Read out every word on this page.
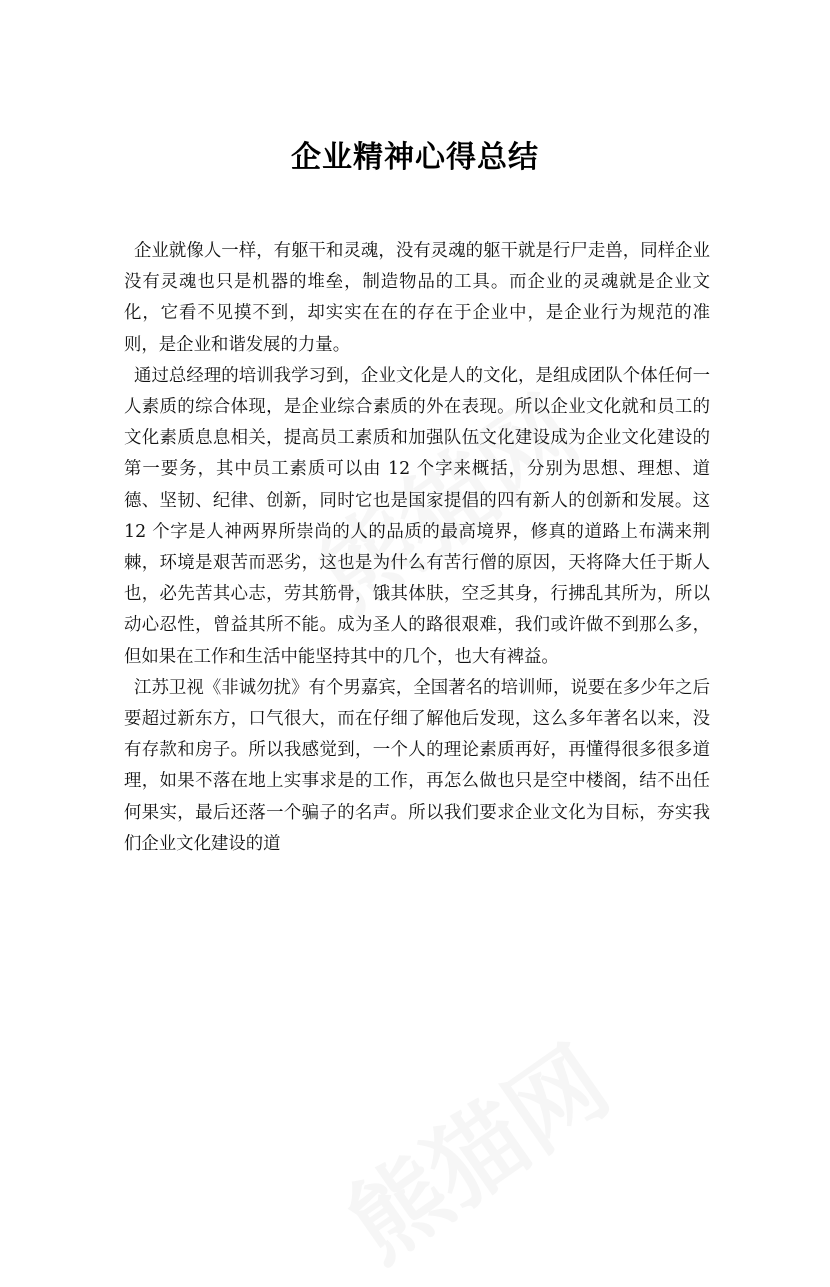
企业精神心得总结

企业就像人一样，有躯干和灵魂，没有灵魂的躯干就是行尸走兽，同样企业没有灵魂也只是机器的堆垒，制造物品的工具。而企业的灵魂就是企业文化，它看不见摸不到，却实实在在的存在于企业中，是企业行为规范的准则，是企业和谐发展的力量。

通过总经理的培训我学习到，企业文化是人的文化，是组成团队个体任何一人素质的综合体现，是企业综合素质的外在表现。所以企业文化就和员工的文化素质息息相关，提高员工素质和加强队伍文化建设成为企业文化建设的第一要务，其中员工素质可以由 12 个字来概括，分别为思想、理想、道德、坚韧、纪律、创新，同时它也是国家提倡的四有新人的创新和发展。这 12 个字是人神两界所崇尚的人的品质的最高境界，修真的道路上布满来荆棘，环境是艰苦而恶劣，这也是为什么有苦行僧的原因，天将降大任于斯人也，必先苦其心志，劳其筋骨，饿其体肤，空乏其身，行拂乱其所为，所以动心忍性，曾益其所不能。成为圣人的路很艰难，我们或许做不到那么多，但如果在工作和生活中能坚持其中的几个，也大有裨益。

江苏卫视《非诚勿扰》有个男嘉宾，全国著名的培训师，说要在多少年之后要超过新东方，口气很大，而在仔细了解他后发现，这么多年著名以来，没有存款和房子。所以我感觉到，一个人的理论素质再好，再懂得很多很多道理，如果不落在地上实事求是的工作，再怎么做也只是空中楼阁，结不出任何果实，最后还落一个骗子的名声。所以我们要求企业文化为目标，夯实我们企业文化建设的道
